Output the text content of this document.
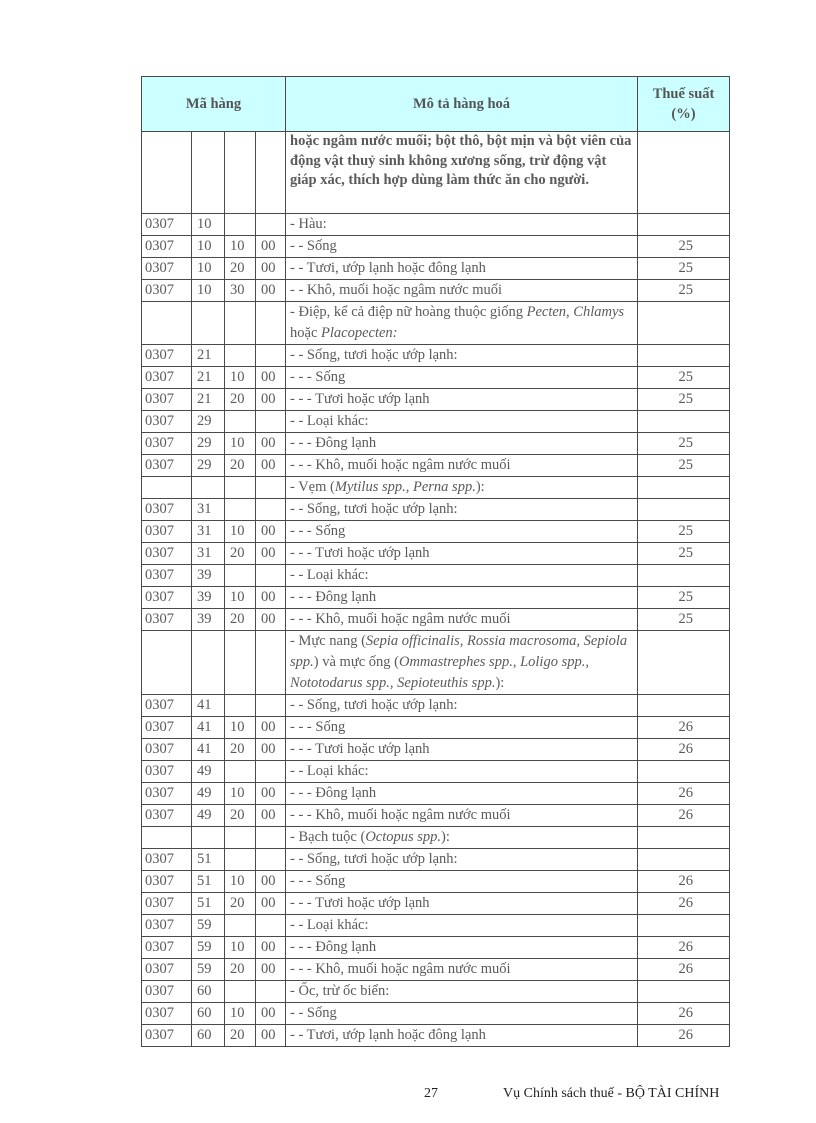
Mã hàng				Mô tả hàng hoá	Thuế suất (%)
				hoặc ngâm nước muối; bột thô, bột mịn và bột viên của động vật thuỷ sinh không xương sống, trừ động vật giáp xác, thích hợp dùng làm thức ăn cho người.	
0307	10			- Hàu:	
0307	10	10	00	- - Sống	25
0307	10	20	00	- - Tươi, ướp lạnh hoặc đông lạnh	25
0307	10	30	00	- - Khô, muối hoặc ngâm nước muối	25
				- Điệp, kể cả điệp nữ hoàng thuộc giống Pecten, Chlamys hoặc Placopecten:	
0307	21			- - Sống, tươi hoặc ướp lạnh:	
0307	21	10	00	- - - Sống	25
0307	21	20	00	- - - Tươi hoặc ướp lạnh	25
0307	29			- - Loại khác:	
0307	29	10	00	- - - Đông lạnh	25
0307	29	20	00	- - - Khô, muối hoặc ngâm nước muối	25
				- Vẹm (Mytilus spp., Perna spp.):	
0307	31			- - Sống, tươi hoặc ướp lạnh:	
0307	31	10	00	- - - Sống	25
0307	31	20	00	- - - Tươi hoặc ướp lạnh	25
0307	39			- - Loại khác:	
0307	39	10	00	- - - Đông lạnh	25
0307	39	20	00	- - - Khô, muối hoặc ngâm nước muối	25
				- Mực nang (Sepia officinalis, Rossia macrosoma, Sepiola spp.) và mực ống (Ommastrephes spp., Loligo spp., Nototodarus spp., Sepioteuthis spp.):	
0307	41			- - Sống, tươi hoặc ướp lạnh:	
0307	41	10	00	- - - Sống	26
0307	41	20	00	- - - Tươi hoặc ướp lạnh	26
0307	49			- - Loại khác:	
0307	49	10	00	- - - Đông lạnh	26
0307	49	20	00	- - - Khô, muối hoặc ngâm nước muối	26
				- Bạch tuộc (Octopus spp.):	
0307	51			- - Sống, tươi hoặc ướp lạnh:	
0307	51	10	00	- - - Sống	26
0307	51	20	00	- - - Tươi hoặc ướp lạnh	26
0307	59			- - Loại khác:	
0307	59	10	00	- - - Đông lạnh	26
0307	59	20	00	- - - Khô, muối hoặc ngâm nước muối	26
0307	60			- Ốc, trừ ốc biển:	
0307	60	10	00	- - Sống	26
0307	60	20	00	- - Tươi, ướp lạnh hoặc đông lạnh	26
27	Vụ Chính sách thuế - BỘ TÀI CHÍNH
